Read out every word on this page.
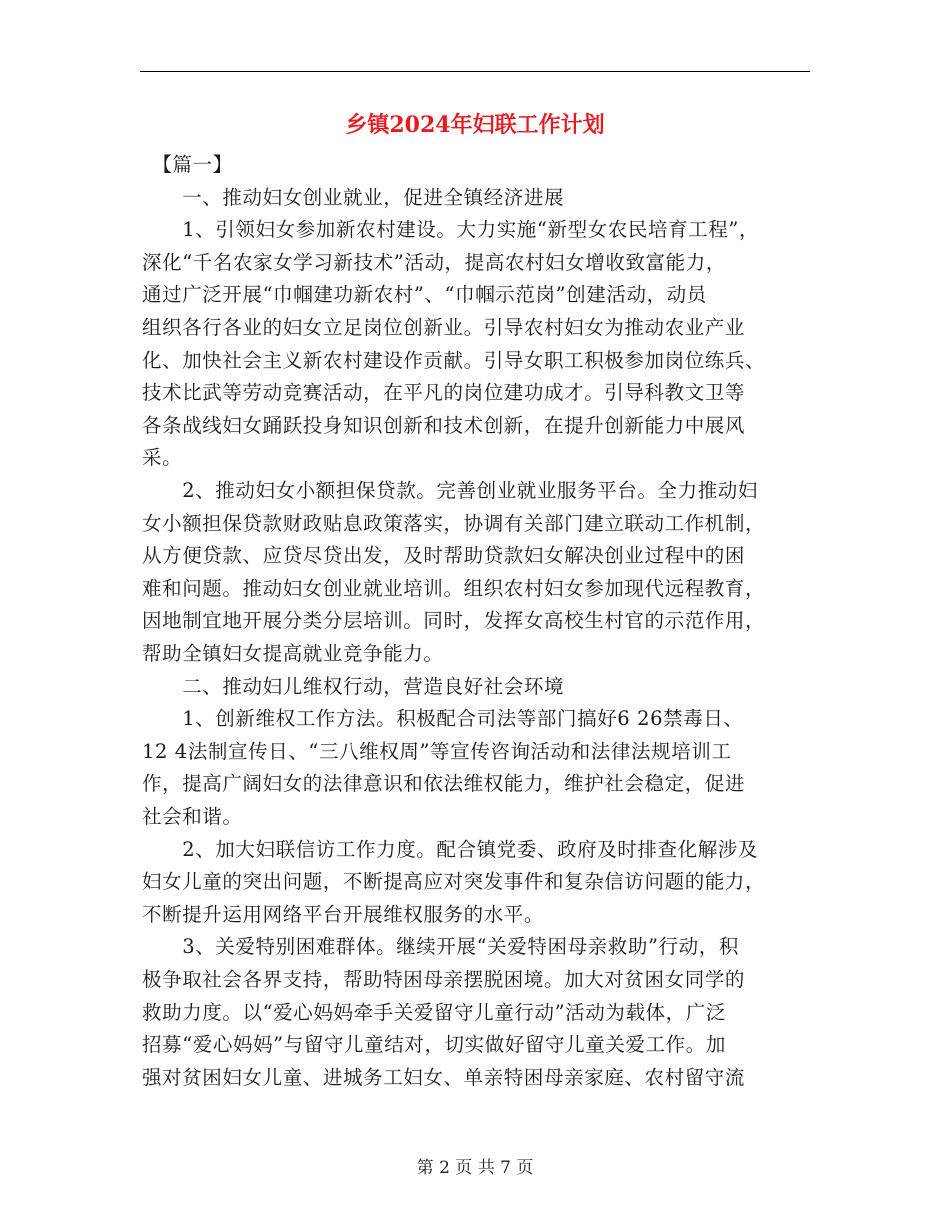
乡镇2024年妇联工作计划
　【篇一】
　　一、推动妇女创业就业，促进全镇经济进展
　　1、引领妇女参加新农村建设。大力实施“新型女农民培育工程”，
深化“千名农家女学习新技术”活动，提高农村妇女增收致富能力，
通过广泛开展“巾帼建功新农村”、“巾帼示范岗”创建活动，动员
组织各行各业的妇女立足岗位创新业。引导农村妇女为推动农业产业
化、加快社会主义新农村建设作贡献。引导女职工积极参加岗位练兵、
技术比武等劳动竞赛活动，在平凡的岗位建功成才。引导科教文卫等
各条战线妇女踊跃投身知识创新和技术创新，在提升创新能力中展风
采。
　　2、推动妇女小额担保贷款。完善创业就业服务平台。全力推动妇
女小额担保贷款财政贴息政策落实，协调有关部门建立联动工作机制，
从方便贷款、应贷尽贷出发，及时帮助贷款妇女解决创业过程中的困
难和问题。推动妇女创业就业培训。组织农村妇女参加现代远程教育，
因地制宜地开展分类分层培训。同时，发挥女高校生村官的示范作用，
帮助全镇妇女提高就业竞争能力。
　　二、推动妇儿维权行动，营造良好社会环境
　　1、创新维权工作方法。积极配合司法等部门搞好6 26禁毒日、
12 4法制宣传日、“三八维权周”等宣传咨询活动和法律法规培训工
作，提高广阔妇女的法律意识和依法维权能力，维护社会稳定，促进
社会和谐。
　　2、加大妇联信访工作力度。配合镇党委、政府及时排查化解涉及
妇女儿童的突出问题，不断提高应对突发事件和复杂信访问题的能力，
不断提升运用网络平台开展维权服务的水平。
　　3、关爱特别困难群体。继续开展“关爱特困母亲救助”行动，积
极争取社会各界支持，帮助特困母亲摆脱困境。加大对贫困女同学的
救助力度。以“爱心妈妈牵手关爱留守儿童行动”活动为载体，广泛
招募“爱心妈妈”与留守儿童结对，切实做好留守儿童关爱工作。加
强对贫困妇女儿童、进城务工妇女、单亲特困母亲家庭、农村留守流
第 2 页 共 7 页
